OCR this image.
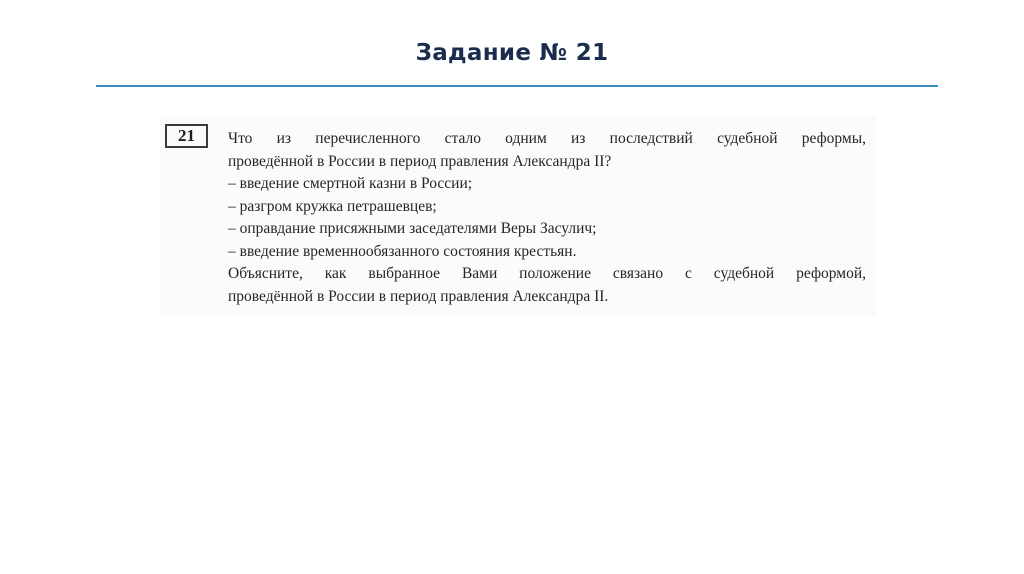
Задание № 21
21	Что из перечисленного стало одним из последствий судебной реформы,
проведённой в России в период правления Александра II?
– введение смертной казни в России;
– разгром кружка петрашевцев;
– оправдание присяжными заседателями Веры Засулич;
– введение временнообязанного состояния крестьян.
Объясните, как выбранное Вами положение связано с судебной реформой,
проведённой в России в период правления Александра II.
